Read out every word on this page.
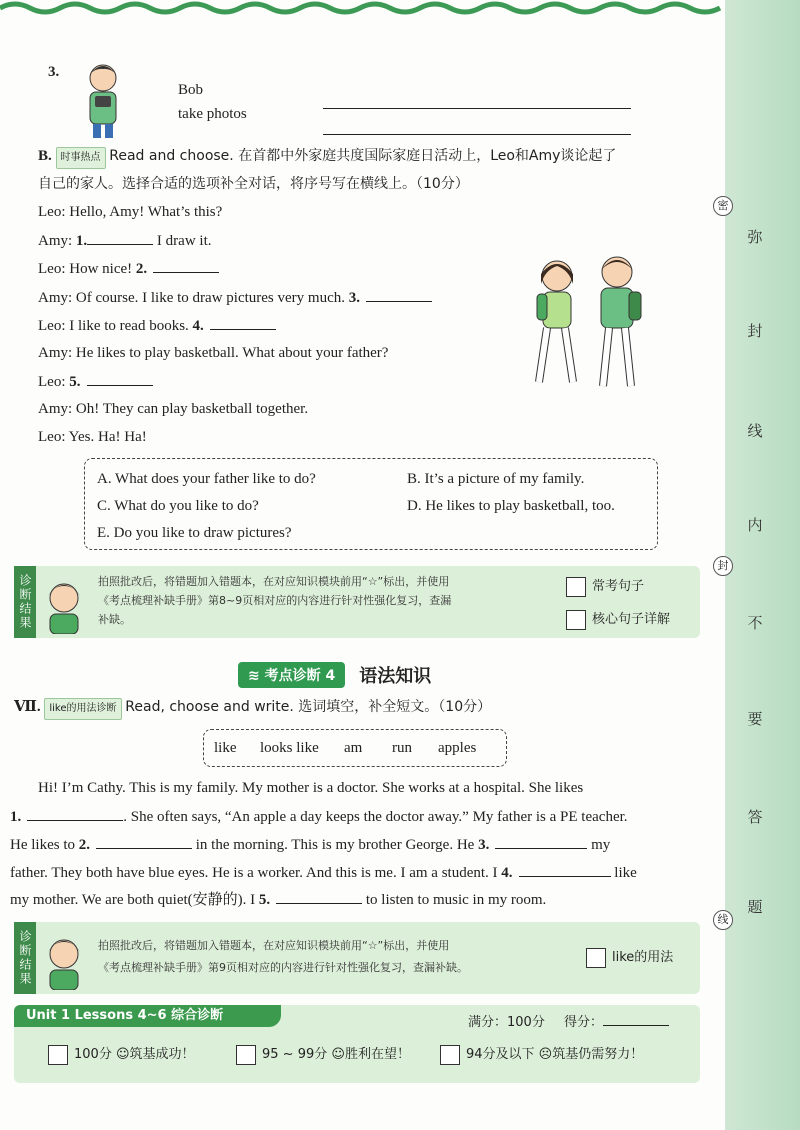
弥
封
线
内
不
要
答
题
密
封
线
3.
Bob
take photos
B. 时事热点 Read and choose. 在首都中外家庭共度国际家庭日活动上，Leo和Amy谈论起了
自己的家人。选择合适的选项补全对话，将序号写在横线上。（10分）
Leo: Hello, Amy! What’s this?
Amy: 1.	I draw it.
Leo: How nice! 2.
Amy: Of course. I like to draw pictures very much. 3.
Leo: I like to read books. 4.
Amy: He likes to play basketball. What about your father?
Leo: 5.
Amy: Oh! They can play basketball together.
Leo: Yes. Ha! Ha!
A. What does your father like to do?	B. It’s a picture of my family.
C. What do you like to do?	D. He likes to play basketball, too.
E. Do you like to draw pictures?
诊断结果	拍照批改后，将错题加入错题本，在对应知识模块前用“☆”标出，并使用
《考点梳理补缺手册》第8~9页相对应的内容进行针对性强化复习，查漏
补缺。
常考句子
核心句子详解
≋ 考点诊断 4 语法知识
Ⅶ. like的用法诊断 Read, choose and write. 选词填空，补全短文。（10分）
like looks like am run apples
Hi! I’m Cathy. This is my family. My mother is a doctor. She works at a hospital. She likes
1.	. She often says, “An apple a day keeps the doctor away.” My father is a PE teacher.
He likes to 2.	in the morning. This is my brother George. He 3.	my
father. They both have blue eyes. He is a worker. And this is me. I am a student. I 4.	like
my mother. We are both quiet(安静的). I 5.	to listen to music in my room.
诊断结果	拍照批改后，将错题加入错题本，在对应知识模块前用“☆”标出，并使用
《考点梳理补缺手册》第9页相对应的内容进行针对性强化复习，查漏补缺。
like的用法
Unit 1 Lessons 4~6 综合诊断	满分：100分 得分：
100分 ☺筑基成功！	95 ~ 99分 ☺胜利在望！	94分及以下 ☹筑基仍需努力！
